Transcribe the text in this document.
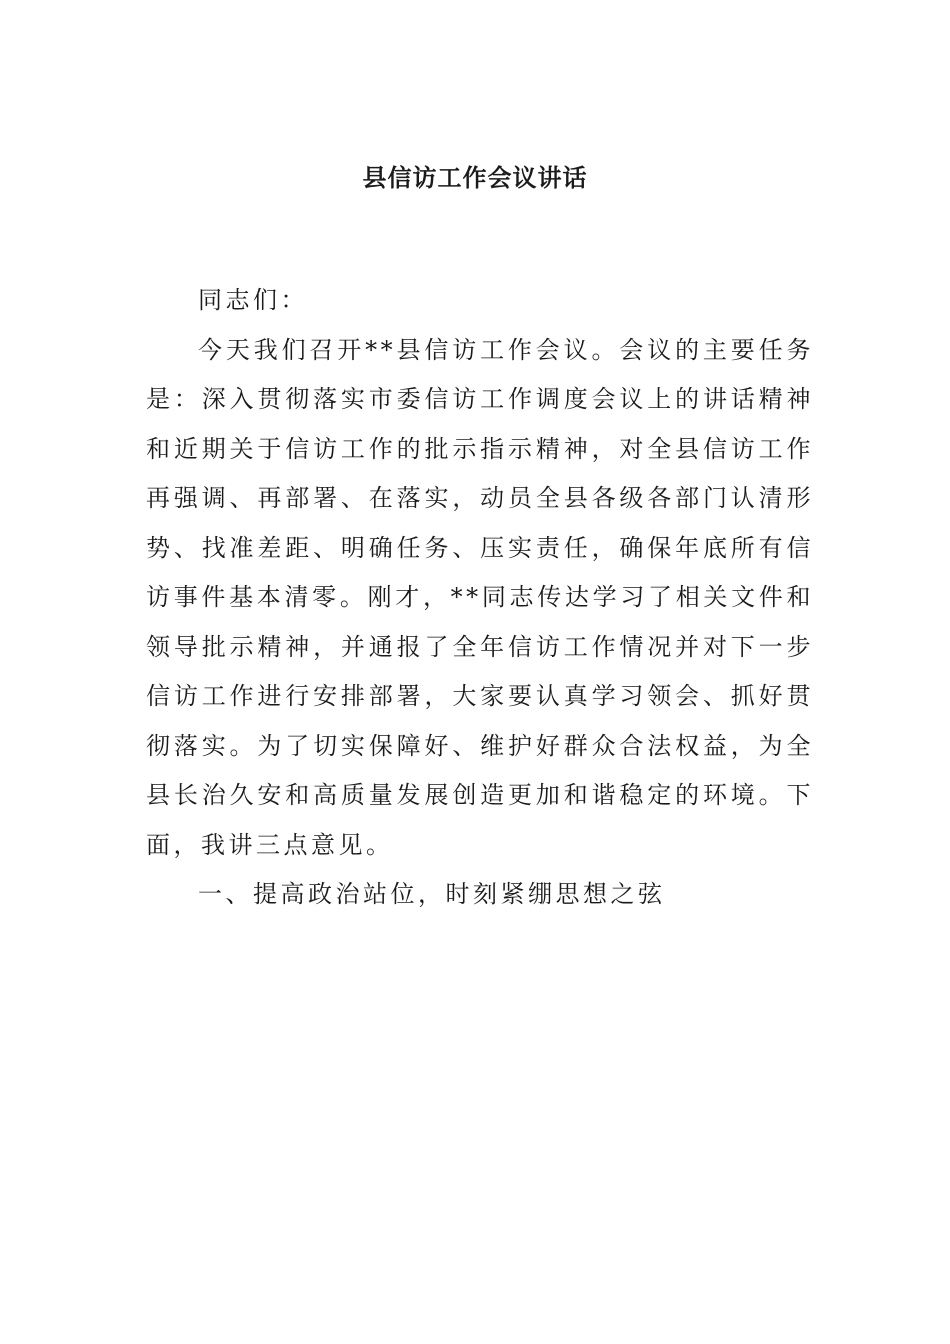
县信访工作会议讲话

同志们：

今天我们召开**县信访工作会议。会议的主要任务是：深入贯彻落实市委信访工作调度会议上的讲话精神和近期关于信访工作的批示指示精神，对全县信访工作再强调、再部署、在落实，动员全县各级各部门认清形势、找准差距、明确任务、压实责任，确保年底所有信访事件基本清零。刚才，**同志传达学习了相关文件和领导批示精神，并通报了全年信访工作情况并对下一步信访工作进行安排部署，大家要认真学习领会、抓好贯彻落实。为了切实保障好、维护好群众合法权益，为全县长治久安和高质量发展创造更加和谐稳定的环境。下面，我讲三点意见。

一、提高政治站位，时刻紧绷思想之弦
